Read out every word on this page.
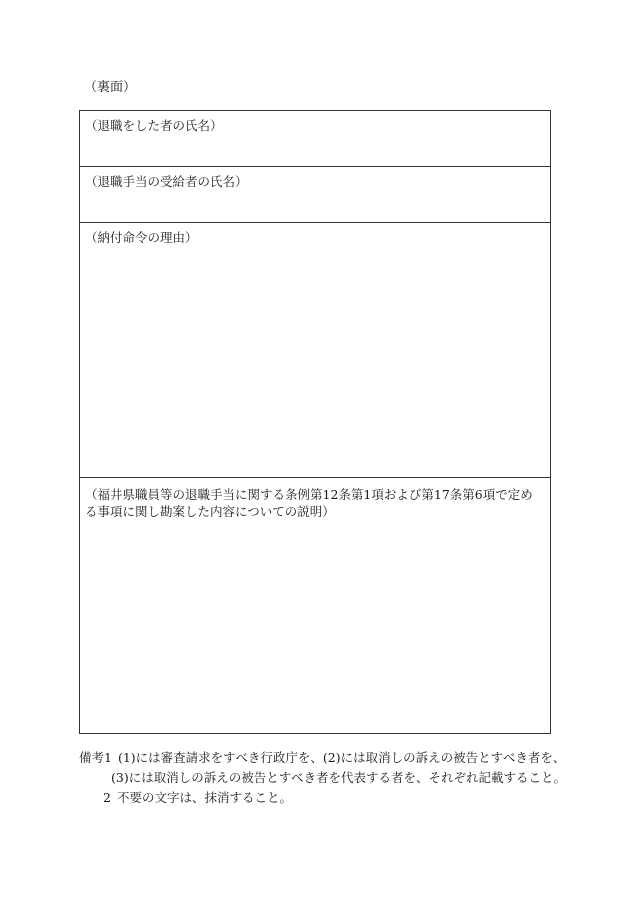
（裏面）
（退職をした者の氏名）
（退職手当の受給者の氏名）
（納付命令の理由）
（福井県職員等の退職手当に関する条例第12条第1項および第17条第6項で定める事項に関し勘案した内容についての説明）
備考1 (1)には審査請求をすべき行政庁を、(2)には取消しの訴えの被告とすべき者を、
(3)には取消しの訴えの被告とすべき者を代表する者を、それぞれ記載すること。
2 不要の文字は、抹消すること。
